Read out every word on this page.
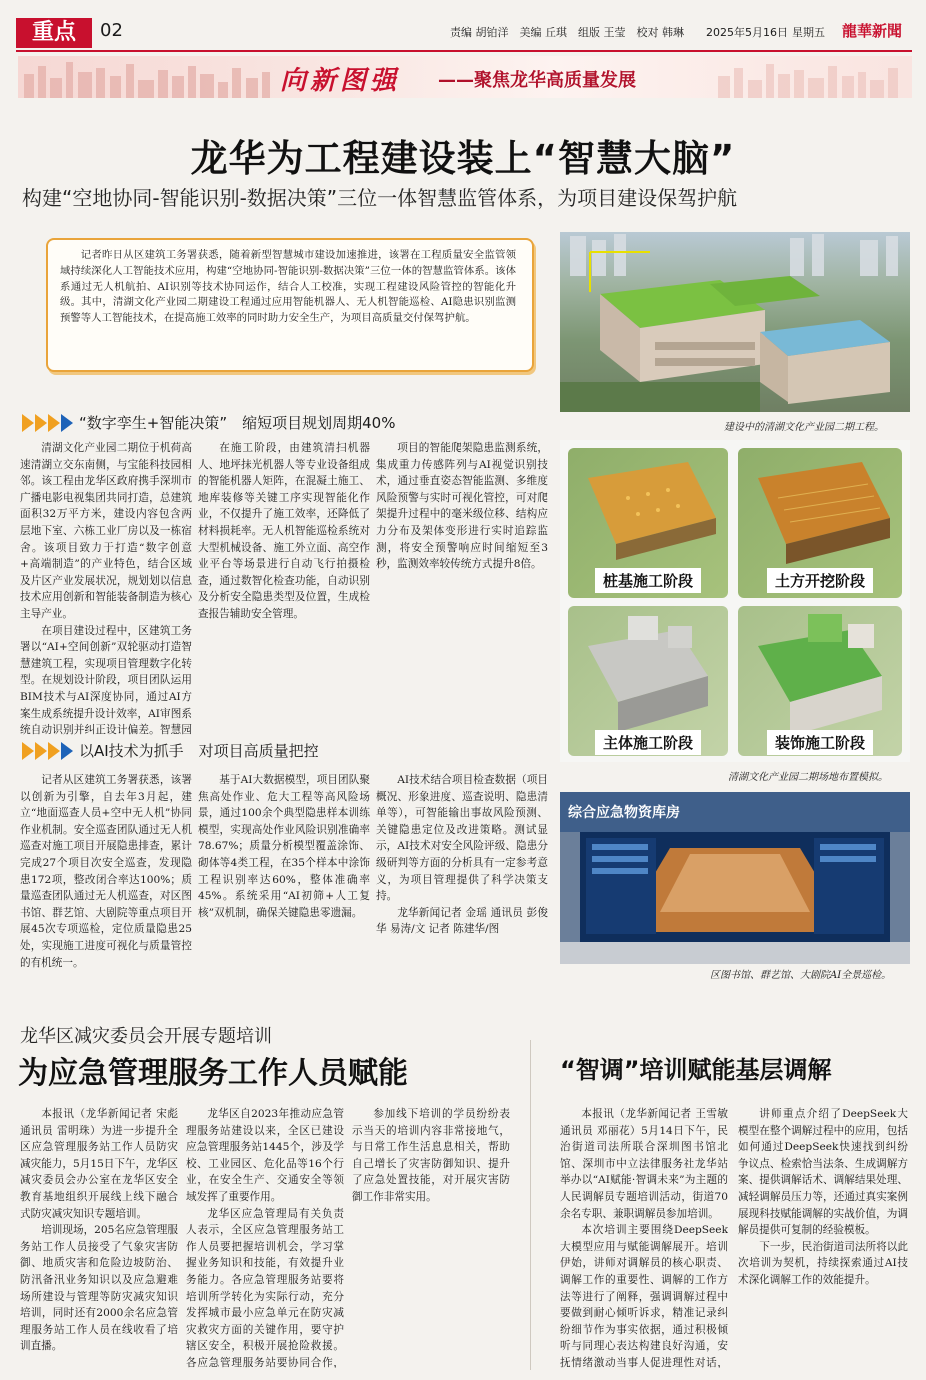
重点	02	责编 胡铂洋　美编 丘琪　组版 王莹　校对 韩琳 2025年5月16日 星期五 龍華新聞
向新图强 ——聚焦龙华高质量发展
龙华为工程建设装上“智慧大脑”
构建“空地协同-智能识别-数据决策”三位一体智慧监管体系，为项目建设保驾护航

记者昨日从区建筑工务署获悉，随着新型智慧城市建设加速推进，该署在工程质量安全监管领域持续深化人工智能技术应用，构建“空地协同-智能识别-数据决策”三位一体的智慧监管体系。该体系通过无人机航拍、AI识别等技术协同运作，结合人工校准，实现工程建设风险管控的智能化升级。其中，清湖文化产业园二期建设工程通过应用智能机器人、无人机智能巡检、AI隐患识别监测预警等人工智能技术，在提高施工效率的同时助力安全生产，为项目高质量交付保驾护航。

建设中的清湖文化产业园二期工程。
“数字孪生+智能决策”　缩短项目规划周期40%

清湖文化产业园二期位于机荷高速清湖立交东南侧，与宝能科技园相邻。该工程由龙华区政府携手深圳市广播电影电视集团共同打造，总建筑面积32万平方米，建设内容包含两层地下室、六栋工业厂房以及一栋宿舍。该项目致力于打造“数字创意+高端制造”的产业特色，结合区域及片区产业发展状况，规划划以信息技术应用创新和智能装备制造为核心主导产业。

在项目建设过程中，区建筑工务署以“AI+空间创新”双轮驱动打造智慧建筑工程，实现项目管理数字化转型。在规划设计阶段，项目团队运用BIM技术与AI深度协同，通过AI方案生成系统提升设计效率，AI审图系统自动识别并纠正设计偏差。智慧园

在施工阶段，由建筑清扫机器人、地坪抹光机器人等专业设备组成的智能机器人矩阵，在混凝土施工、地库装修等关键工序实现智能化作业，不仅提升了施工效率，还降低了材料损耗率。无人机智能巡检系统对大型机械设备、施工外立面、高空作业平台等场景进行自动飞行拍摄检查，通过数智化检查功能，自动识别及分析安全隐患类型及位置，生成检查报告辅助安全管理。

项目的智能爬架隐患监测系统，集成重力传感阵列与AI视觉识别技术，通过垂直姿态智能监测、多维度风险预警与实时可视化管控，可对爬架提升过程中的毫米级位移、结构应力分布及架体变形进行实时追踪监测，将安全预警响应时间缩短至3秒，监测效率较传统方式提升8倍。

桩基施工阶段	土方开挖阶段
主体施工阶段	装饰施工阶段
清湖文化产业园二期场地布置模拟。
以AI技术为抓手　对项目高质量把控

记者从区建筑工务署获悉，该署以创新为引擎，自去年3月起，建立“地面巡查人员+空中无人机”协同作业机制。安全巡查团队通过无人机巡查对施工项目开展隐患排查，累计完成27个项目次安全巡查，发现隐患172项，整改闭合率达100%；质量巡查团队通过无人机巡查，对区图书馆、群艺馆、大剧院等重点项目开展45次专项巡检，定位质量隐患25处，实现施工进度可视化与质量管控的有机统一。

基于AI大数据模型，项目团队聚焦高处作业、危大工程等高风险场景，通过100余个典型隐患样本训练模型，实现高处作业风险识别准确率78.67%；质量分析模型覆盖涂饰、砌体等4类工程，在35个样本中涂饰工程识别率达60%，整体准确率45%。系统采用“AI初筛+人工复核”双机制，确保关键隐患零遗漏。

AI技术结合项目检查数据（项目概况、形象进度、巡查说明、隐患清单等），可智能输出事故风险预测、关键隐患定位及改进策略。测试显示，AI技术对安全风险评级、隐患分级研判等方面的分析具有一定参考意义，为项目管理提供了科学决策支持。

龙华新闻记者 金瑶 通讯员 彭俊华 易涛/文 记者 陈建华/图

综合应急物资库房
区图书馆、群艺馆、大剧院AI全景巡检。
龙华区减灾委员会开展专题培训
为应急管理服务工作人员赋能

本报讯（龙华新闻记者 宋彪 通讯员 雷明珠）为进一步提升全区应急管理服务站工作人员防灾减灾能力，5月15日下午，龙华区减灾委员会办公室在龙华区安全教育基地组织开展线上线下融合式防灾减灾知识专题培训。

培训现场，205名应急管理服务站工作人员接受了气象灾害防御、地质灾害和危险边坡防治、防汛备汛业务知识以及应急避难场所建设与管理等防灾减灾知识培训，同时还有2000余名应急管理服务站工作人员在线收看了培训直播。

龙华区自2023年推动应急管理服务站建设以来，全区已建设应急管理服务站1445个，涉及学校、工业园区、危化品等16个行业，在安全生产、交通安全等领域发挥了重要作用。

龙华区应急管理局有关负责人表示，全区应急管理服务站工作人员要把握培训机会，学习掌握业务知识和技能，有效提升业务能力。各应急管理服务站要将培训所学转化为实际行动，充分发挥城市最小应急单元在防灾减灾救灾方面的关键作用，要守护辖区安全，积极开展抢险救援。各应急管理服务站要协同合作，

参加线下培训的学员纷纷表示当天的培训内容非常接地气，与日常工作生活息息相关，帮助自己增长了灾害防御知识、提升了应急处置技能，对开展灾害防御工作非常实用。

“智调”培训赋能基层调解

本报讯（龙华新闻记者 王雪敏 通讯员 邓丽花）5月14日下午，民治街道司法所联合深圳图书馆北馆、深圳市中立法律服务社龙华站举办以“AI赋能·智调未来”为主题的人民调解员专题培训活动，街道70余名专职、兼职调解员参加培训。

本次培训主要围绕DeepSeek大模型应用与赋能调解展开。培训伊始，讲师对调解员的核心职责、调解工作的重要性、调解的工作方法等进行了阐释，强调调解过程中要做到耐心倾听诉求，精准记录纠纷细节作为事实依据，通过积极倾听与同理心表达构建良好沟通，安抚情绪激动当事人促进理性对话，

讲师重点介绍了DeepSeek大模型在整个调解过程中的应用，包括如何通过DeepSeek快速找到纠纷争议点、检索恰当法条、生成调解方案、提供调解话术、调解结果处理、减轻调解员压力等，还通过真实案例展现科技赋能调解的实战价值，为调解员提供可复制的经验模板。

下一步，民治街道司法所将以此次培训为契机，持续探索通过AI技术深化调解工作的效能提升。
